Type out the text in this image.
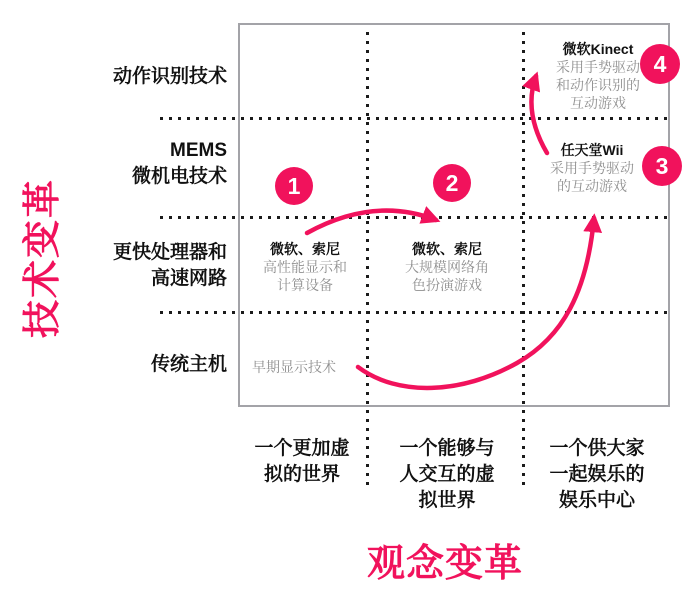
技术变革
观念变革
动作识别技术
MEMS
微机电技术
更快处理器和
高速网路
传统主机
一个更加虚
拟的世界
一个能够与
人交互的虚
拟世界
一个供大家
一起娱乐的
娱乐中心
早期显示技术
微软、索尼
高性能显示和
计算设备
微软、索尼
大规模网络角
色扮演游戏
任天堂Wii
采用手势驱动
的互动游戏
微软Kinect
采用手势驱动
和动作识别的
互动游戏
1	2
3
4
